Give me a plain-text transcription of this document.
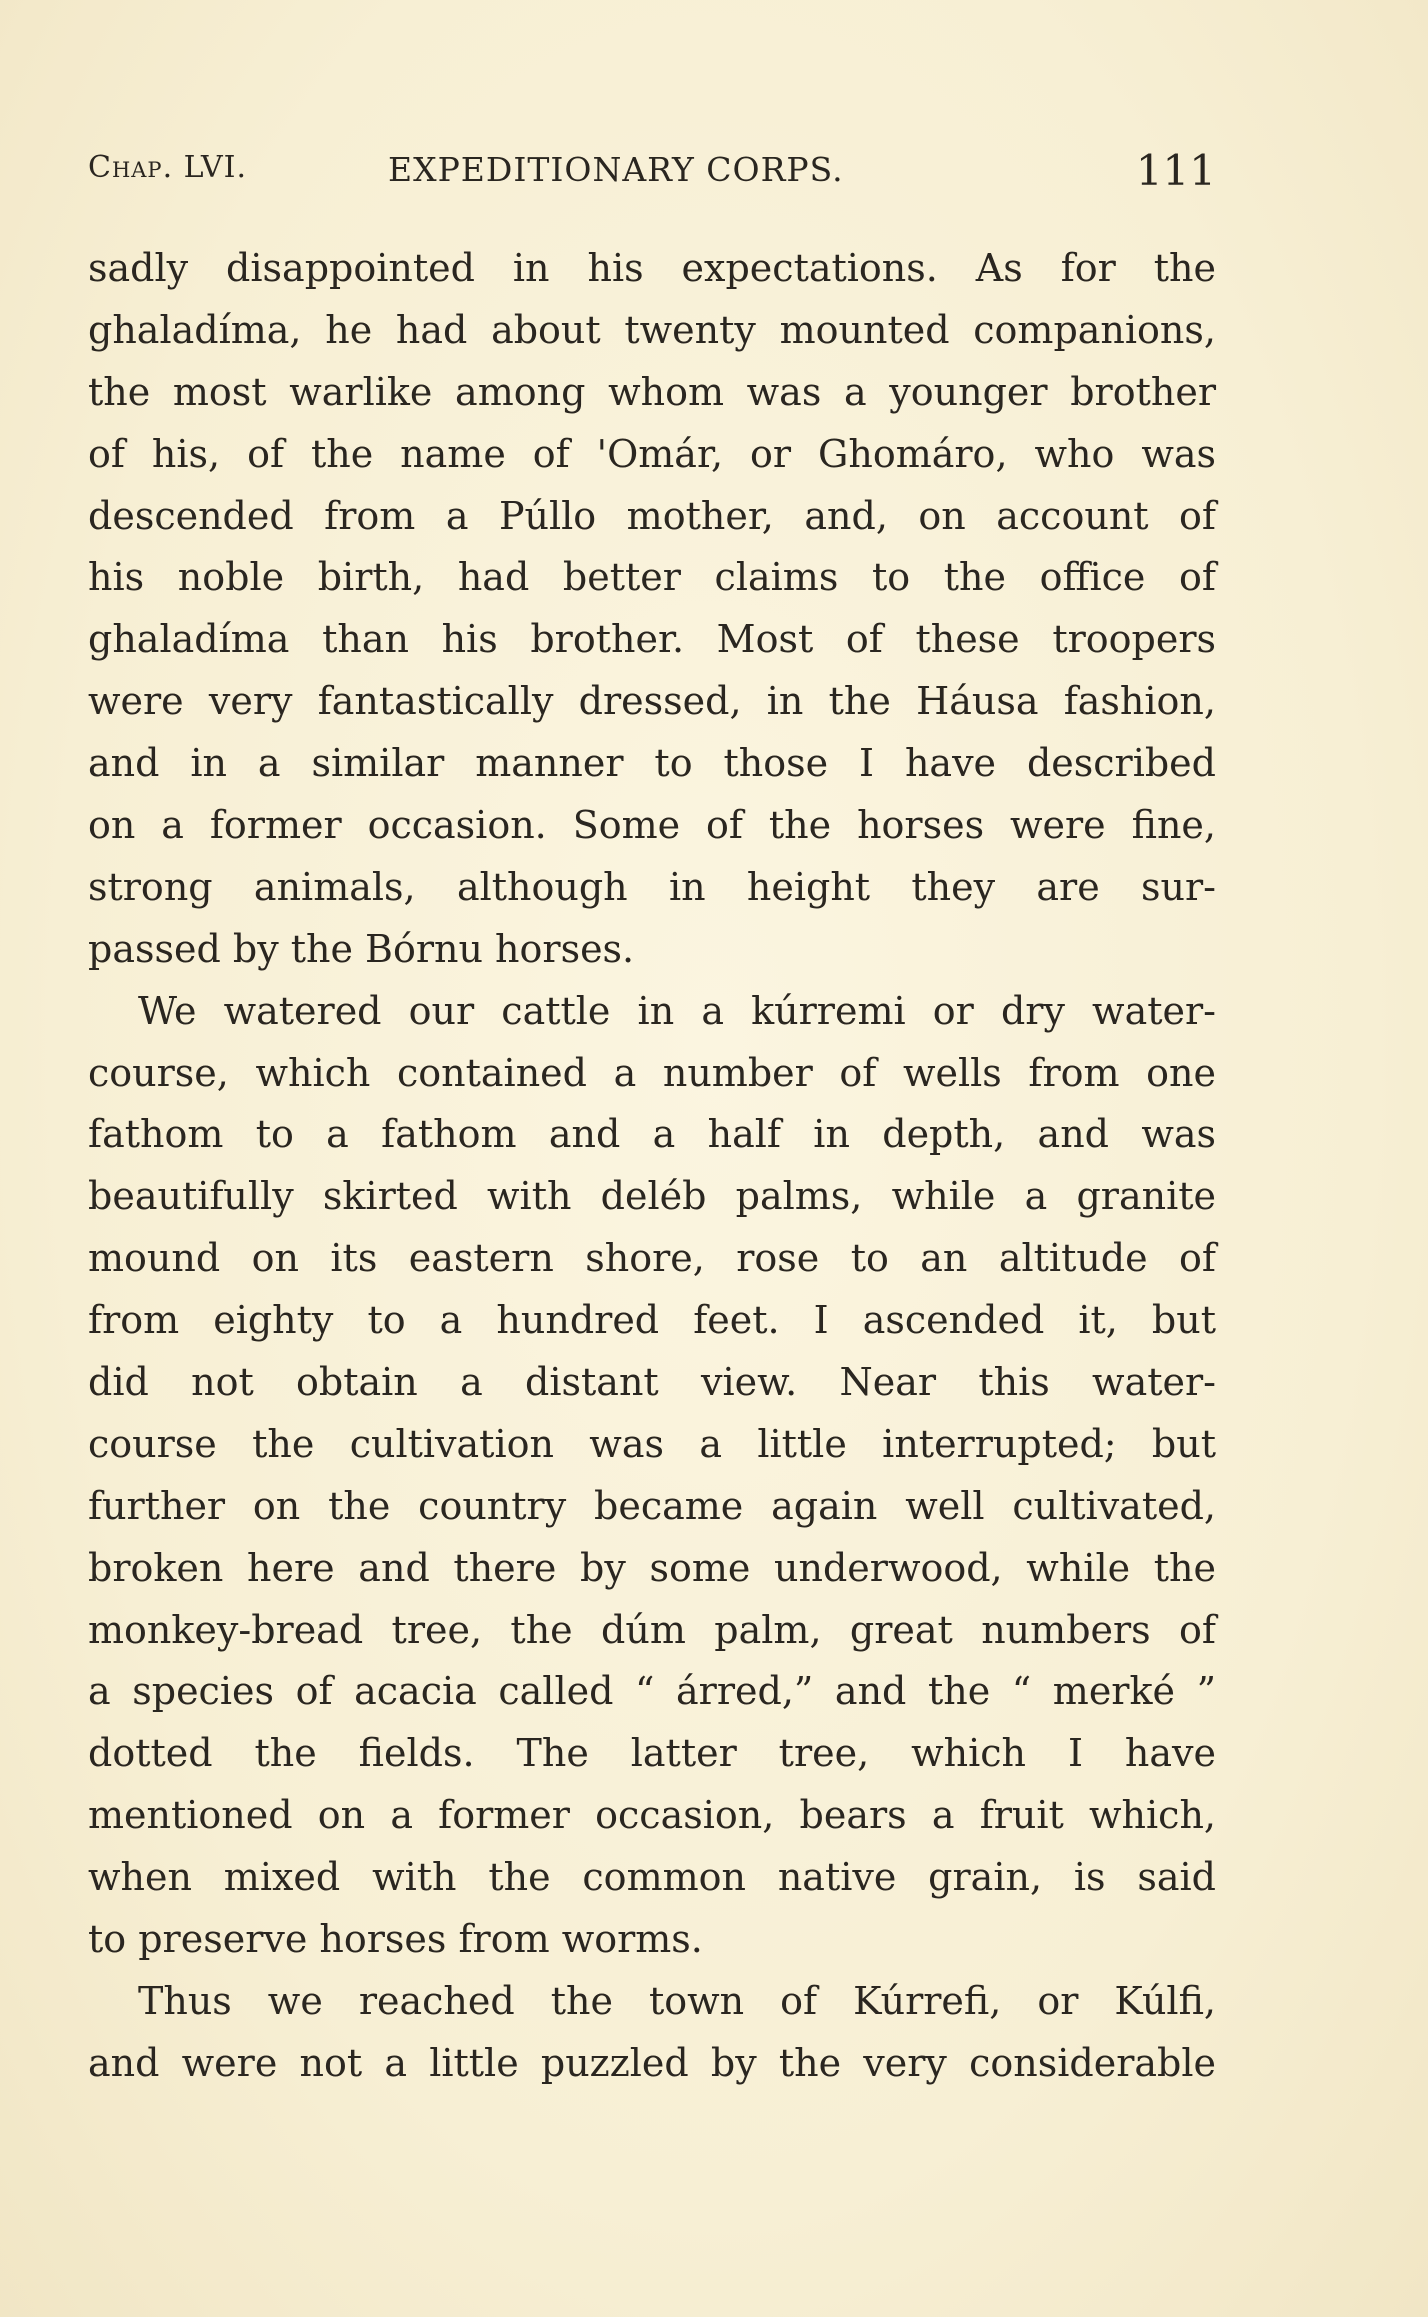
Chap. LVI.	EXPEDITIONARY CORPS.	111
sadly disappointed in his expectations. As for the
ghaladíma, he had about twenty mounted companions,
the most warlike among whom was a younger brother
of his, of the name of 'Omár, or Ghomáro, who was
descended from a Púllo mother, and, on account of
his noble birth, had better claims to the office of
ghaladíma than his brother. Most of these troopers
were very fantastically dressed, in the Háusa fashion,
and in a similar manner to those I have described
on a former occasion. Some of the horses were fine,
strong animals, although in height they are sur-
passed by the Bórnu horses.
We watered our cattle in a kúrremi or dry water-
course, which contained a number of wells from one
fathom to a fathom and a half in depth, and was
beautifully skirted with deléb palms, while a granite
mound on its eastern shore, rose to an altitude of
from eighty to a hundred feet. I ascended it, but
did not obtain a distant view. Near this water-
course the cultivation was a little interrupted; but
further on the country became again well cultivated,
broken here and there by some underwood, while the
monkey-bread tree, the dúm palm, great numbers of
a species of acacia called “ árred,” and the “ merké ”
dotted the fields. The latter tree, which I have
mentioned on a former occasion, bears a fruit which,
when mixed with the common native grain, is said
to preserve horses from worms.
Thus we reached the town of Kúrrefi, or Kúlfi,
and were not a little puzzled by the very considerable
